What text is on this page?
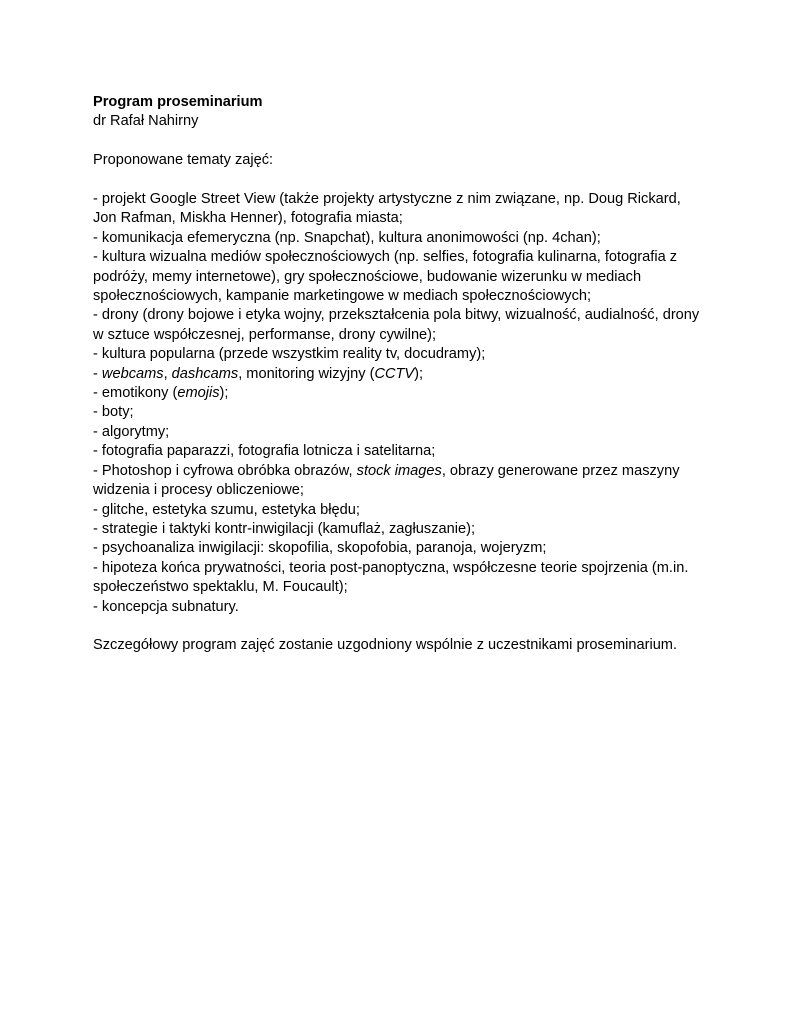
Program proseminarium

dr Rafał Nahirny

Proponowane tematy zajęć:

- projekt Google Street View (także projekty artystyczne z nim związane, np. Doug Rickard, Jon Rafman, Miskha Henner), fotografia miasta;
- komunikacja efemeryczna (np. Snapchat), kultura anonimowości (np. 4chan);
- kultura wizualna mediów społecznościowych (np. selfies, fotografia kulinarna, fotografia z podróży, memy internetowe), gry społecznościowe, budowanie wizerunku w mediach społecznościowych, kampanie marketingowe w mediach społecznościowych;
- drony (drony bojowe i etyka wojny, przekształcenia pola bitwy, wizualność, audialność, drony w sztuce współczesnej, performanse, drony cywilne);
- kultura popularna (przede wszystkim reality tv, docudramy);
- webcams, dashcams, monitoring wizyjny (CCTV);
- emotikony (emojis);
- boty;
- algorytmy;
- fotografia paparazzi, fotografia lotnicza i satelitarna;
- Photoshop i cyfrowa obróbka obrazów, stock images, obrazy generowane przez maszyny widzenia i procesy obliczeniowe;
- glitche, estetyka szumu, estetyka błędu;
- strategie i taktyki kontr-inwigilacji (kamuflaż, zagłuszanie);
- psychoanaliza inwigilacji: skopofilia, skopofobia, paranoja, wojeryzm;
- hipoteza końca prywatności, teoria post-panoptyczna, współczesne teorie spojrzenia (m.in. społeczeństwo spektaklu, M. Foucault);
- koncepcja subnatury.

Szczegółowy program zajęć zostanie uzgodniony wspólnie z uczestnikami proseminarium.
